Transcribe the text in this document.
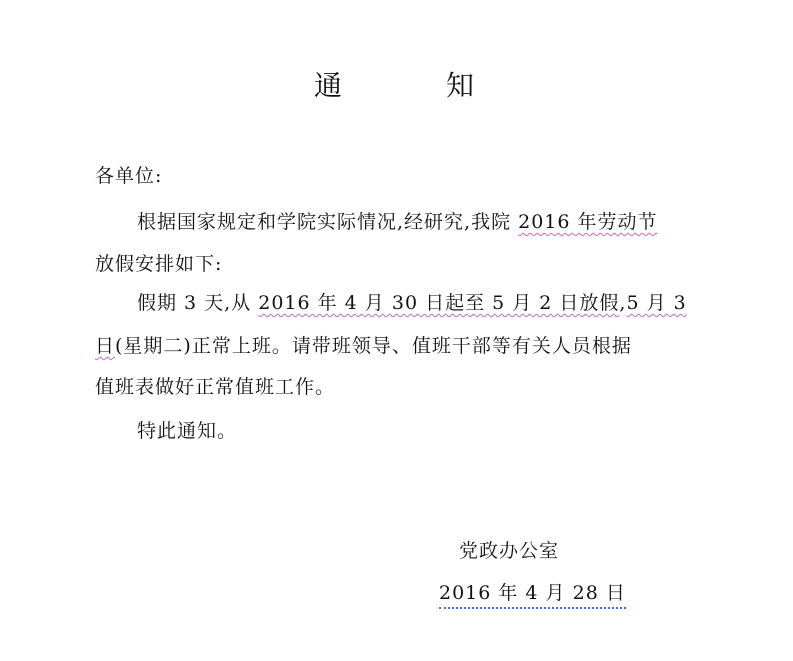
通	知
各单位:
根据国家规定和学院实际情况,经研究,我院 2016 年劳动节
放假安排如下:
假期 3 天,从 2016 年 4 月 30 日起至 5 月 2 日放假,5 月 3
日(星期二)正常上班。请带班领导、值班干部等有关人员根据
值班表做好正常值班工作。
特此通知。
党政办公室
2016 年 4 月 28 日
